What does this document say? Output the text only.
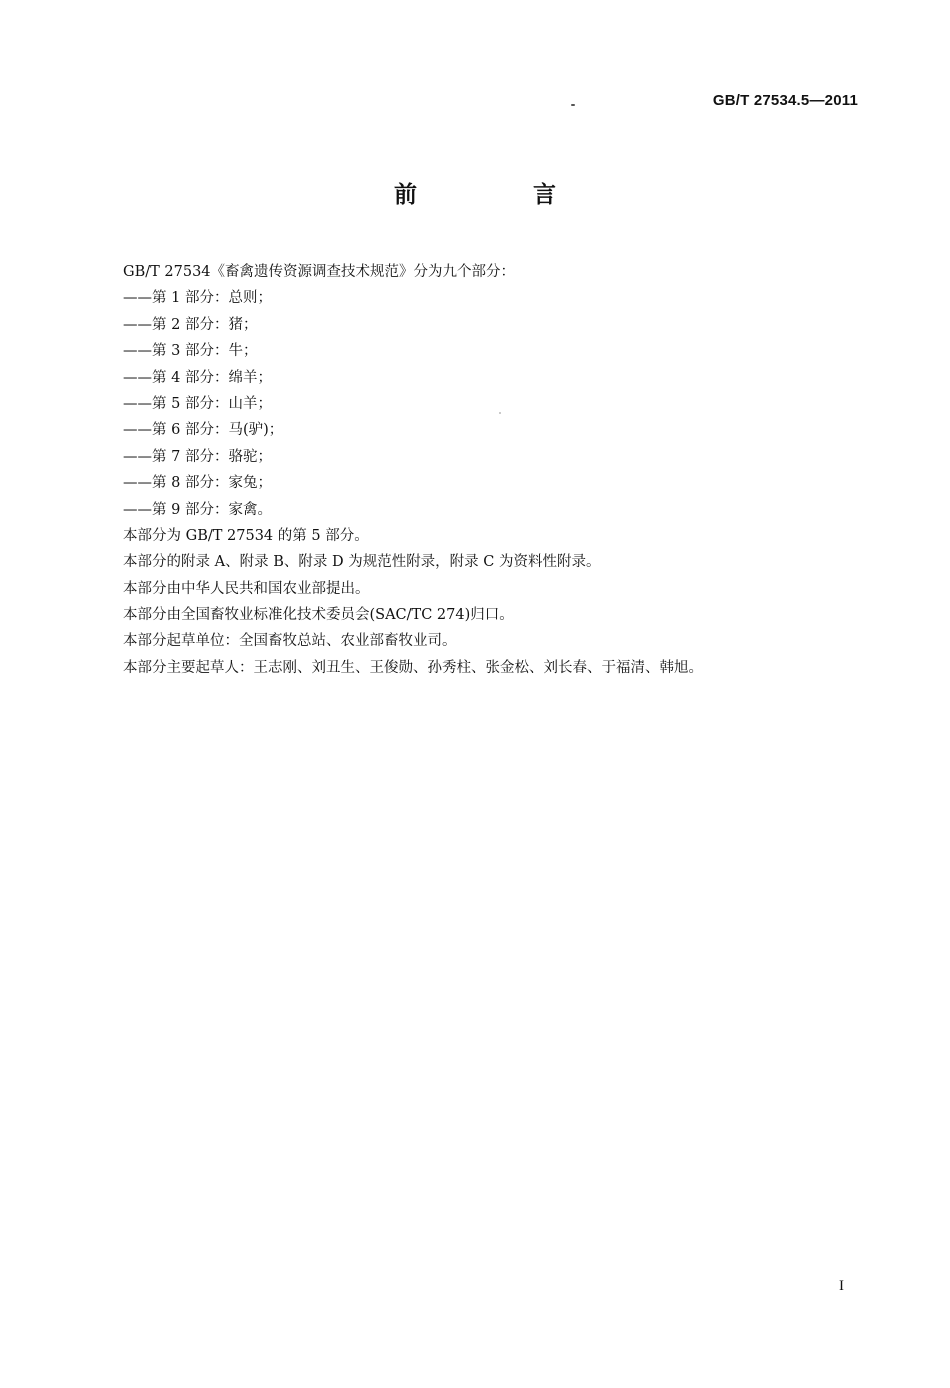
GB/T 27534.5—2011
前 言
GB/T 27534《畜禽遗传资源调查技术规范》分为九个部分：
——第 1 部分：总则；
——第 2 部分：猪；
——第 3 部分：牛；
——第 4 部分：绵羊；
——第 5 部分：山羊；
——第 6 部分：马(驴)；
——第 7 部分：骆驼；
——第 8 部分：家兔；
——第 9 部分：家禽。
本部分为 GB/T 27534 的第 5 部分。
本部分的附录 A、附录 B、附录 D 为规范性附录，附录 C 为资料性附录。
本部分由中华人民共和国农业部提出。
本部分由全国畜牧业标准化技术委员会(SAC/TC 274)归口。
本部分起草单位：全国畜牧总站、农业部畜牧业司。
本部分主要起草人：王志刚、刘丑生、王俊勋、孙秀柱、张金松、刘长春、于福清、韩旭。
I
